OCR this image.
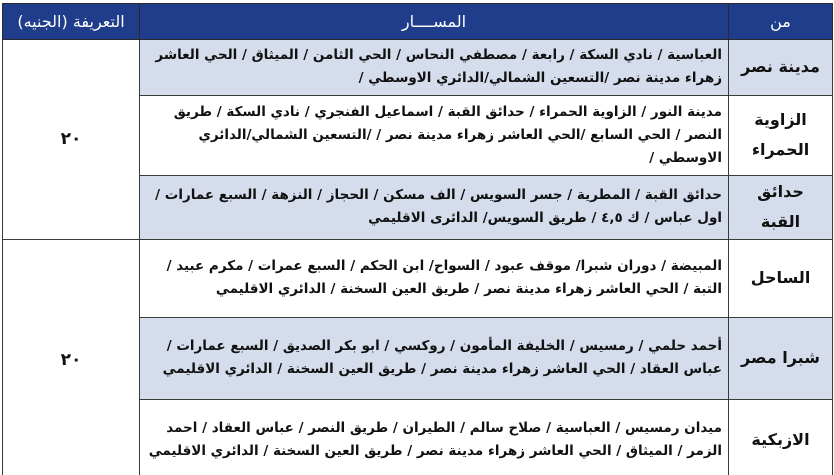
من	المســــار	التعريفة (الجنيه)
مدينة نصر	العباسية / نادي السكة / رابعة / مصطفي النحاس / الحي الثامن / الميثاق / الحي العاشر زهراء مدينة نصر /التسعين الشمالي/الدائري الاوسطي /	٢٠
الزاوية الحمراء	مدينة النور / الزاوية الحمراء / حدائق القبة / اسماعيل الفنجري / نادي السكة / طريق النصر / الحي السابع /الحي العاشر زهراء مدينة نصر / /التسعين الشمالي/الدائري الاوسطي /	
حدائق القبة	حدائق القبة / المطرية / جسر السويس / الف مسكن / الحجاز / النزهة / السبع عمارات / اول عباس / ك ٤,٥ / طريق السويس/ الدائرى الاقليمي	
الساحل	المبيضة / دوران شبرا/ موقف عبود / السواح/ ابن الحكم / السبع عمرات / مكرم عبيد / التبة / الحي العاشر زهراء مدينة نصر / طريق العين السخنة / الدائري الاقليمي	٢٠
شبرا مصر	أحمد حلمي / رمسيس / الخليفة المأمون / روكسي / ابو بكر الصديق / السبع عمارات / عباس العقاد / الحي العاشر زهراء مدينة نصر / طريق العين السخنة / الدائري الاقليمي	
الازبكية	ميدان رمسيس / العباسية / صلاح سالم / الطيران / طريق النصر / عباس العقاد / احمد الزمر / الميثاق / الحي العاشر زهراء مدينة نصر / طريق العين السخنة / الدائري الاقليمي	
